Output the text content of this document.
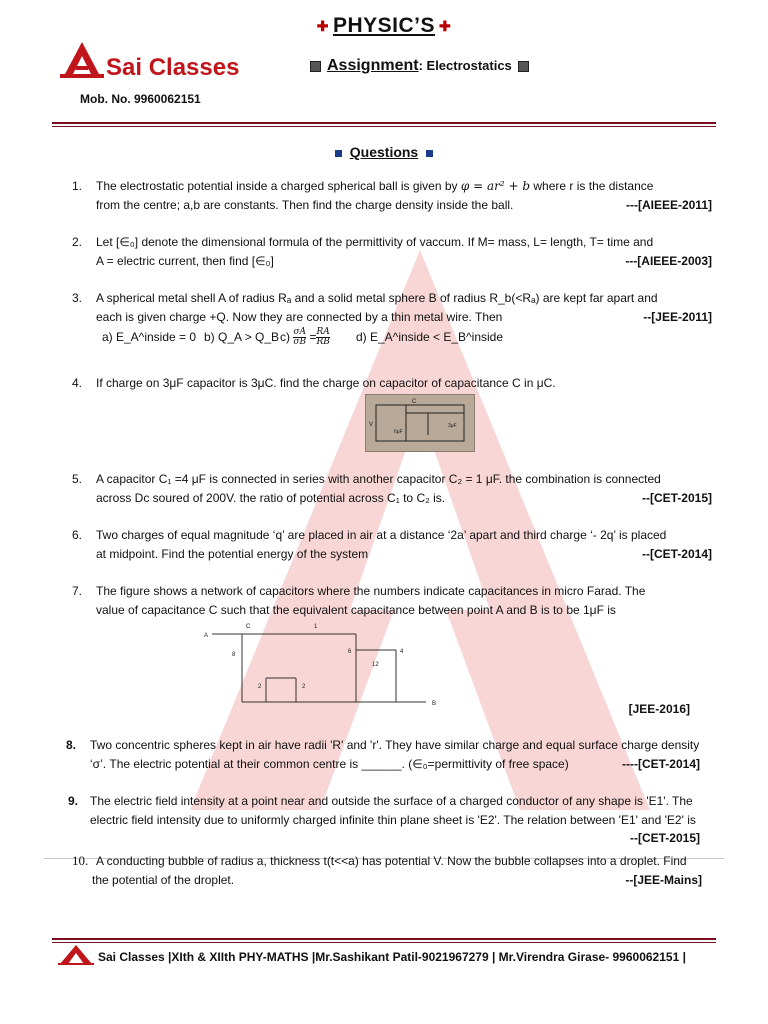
✚ PHYSIC’S ✚
Sai Classes
Mob. No. 9960062151
Assignment: Electrostatics
Questions
1. The electrostatic potential inside a charged spherical ball is given by φ = ar² + b where r is the distance
from the centre; a,b are constants. Then find the charge density inside the ball.	---[AIEEE-2011]
2. Let [∈₀] denote the dimensional formula of the permittivity of vaccum. If M= mass, L= length, T= time and
A = electric current, then find [∈₀]	---[AIEEE-2003]
3. A spherical metal shell A of radius Rₐ and a solid metal sphere B of radius R_b(<Rₐ) are kept far apart and
each is given charge +Q. Now they are connected by a thin metal wire. Then	--[JEE-2011]
a) E_A^inside = 0 b) Q_A > Q_B $c) \frac{\sigma A}{\sigma B} = \frac{RA}{RB} d$) E_A^inside < E_B^inside
4. If charge on 3μF capacitor is 3μC. find the charge on capacitor of capacitance C in μC.
C
V
6μF
3μF
5. A capacitor C₁ =4 μF is connected in series with another capacitor C₂ = 1 μF. the combination is connected
across Dc soured of 200V. the ratio of potential across C₁ to C₂ is.	--[CET-2015]
6. Two charges of equal magnitude ‘q’ are placed in air at a distance ‘2a’ apart and third charge ‘- 2q’ is placed
at midpoint. Find the potential energy of the system	--[CET-2014]
7. The figure shows a network of capacitors where the numbers indicate capacitances in micro Farad. The
value of capacitance C such that the equivalent capacitance between point A and B is to be 1μF is
A
B
C	1
8	6	4
12
2	2
[JEE-2016]
8. Two concentric spheres kept in air have radii 'R' and 'r'. They have similar charge and equal surface charge density
‘σ’. The electric potential at their common centre is ______. (∈₀=permittivity of free space)	----[CET-2014]
9. The electric field intensity at a point near and outside the surface of a charged conductor of any shape is 'E1'. The
electric field intensity due to uniformly charged infinite thin plane sheet is 'E2'. The relation between 'E1' and 'E2' is
--[CET-2015]
10. A conducting bubble of radius a, thickness t(t<<a) has potential V. Now the bubble collapses into a droplet. Find
the potential of the droplet.	--[JEE-Mains]
Sai Classes |XIth & XIIth PHY-MATHS |Mr.Sashikant Patil-9021967279 | Mr.Virendra Girase- 9960062151 |
